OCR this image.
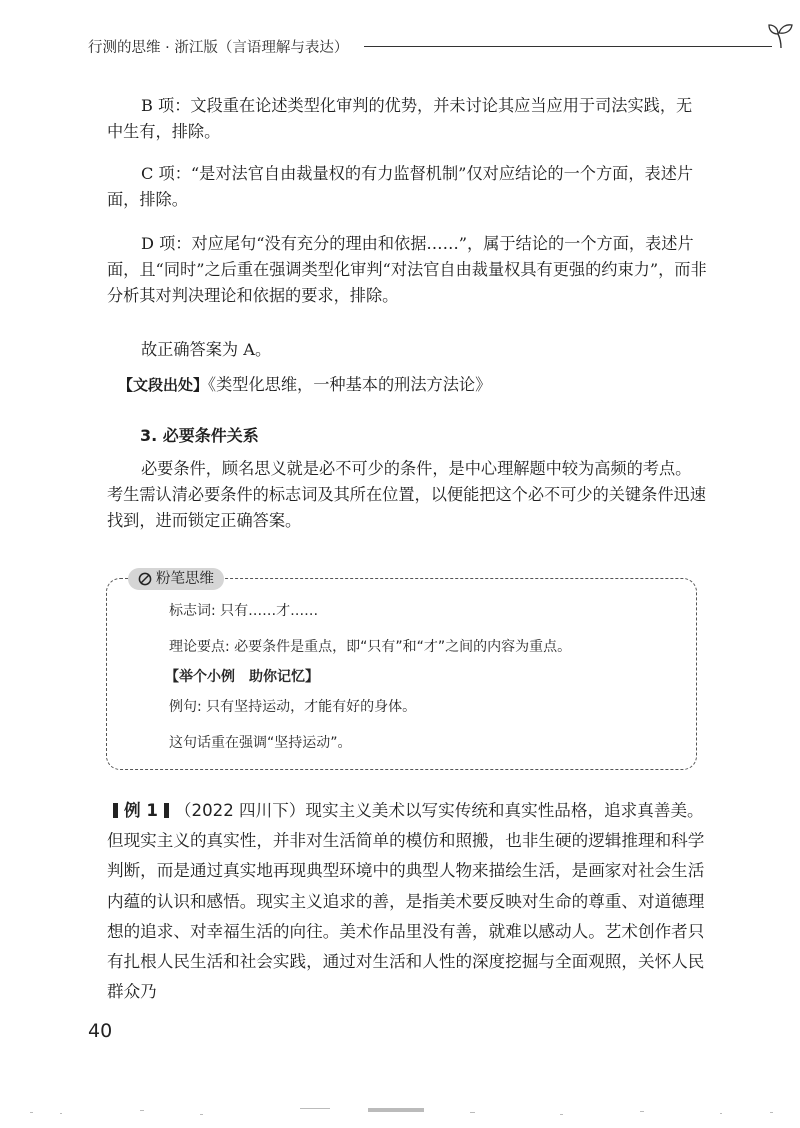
行测的思维 · 浙江版（言语理解与表达）

B 项：文段重在论述类型化审判的优势，并未讨论其应当应用于司法实践，无中生有，排除。

C 项：“是对法官自由裁量权的有力监督机制”仅对应结论的一个方面，表述片面，排除。

D 项：对应尾句“没有充分的理由和依据……”，属于结论的一个方面，表述片面，且“同时”之后重在强调类型化审判“对法官自由裁量权具有更强的约束力”，而非分析其对判决理论和依据的要求，排除。

故正确答案为 A。

【文段出处】《类型化思维，一种基本的刑法方法论》

3. 必要条件关系

必要条件，顾名思义就是必不可少的条件，是中心理解题中较为高频的考点。考生需认清必要条件的标志词及其所在位置，以便能把这个必不可少的关键条件迅速找到，进而锁定正确答案。

粉笔思维
标志词: 只有……才……
理论要点: 必要条件是重点，即“只有”和“才”之间的内容为重点。
【举个小例　助你记忆】
例句: 只有坚持运动，才能有好的身体。
这句话重在强调“坚持运动”。

例 1 （2022 四川下）现实主义美术以写实传统和真实性品格，追求真善美。但现实主义的真实性，并非对生活简单的模仿和照搬，也非生硬的逻辑推理和科学判断，而是通过真实地再现典型环境中的典型人物来描绘生活，是画家对社会生活内蕴的认识和感悟。现实主义追求的善，是指美术要反映对生命的尊重、对道德理想的追求、对幸福生活的向往。美术作品里没有善，就难以感动人。艺术创作者只有扎根人民生活和社会实践，通过对生活和人性的深度挖掘与全面观照，关怀人民群众乃

40
